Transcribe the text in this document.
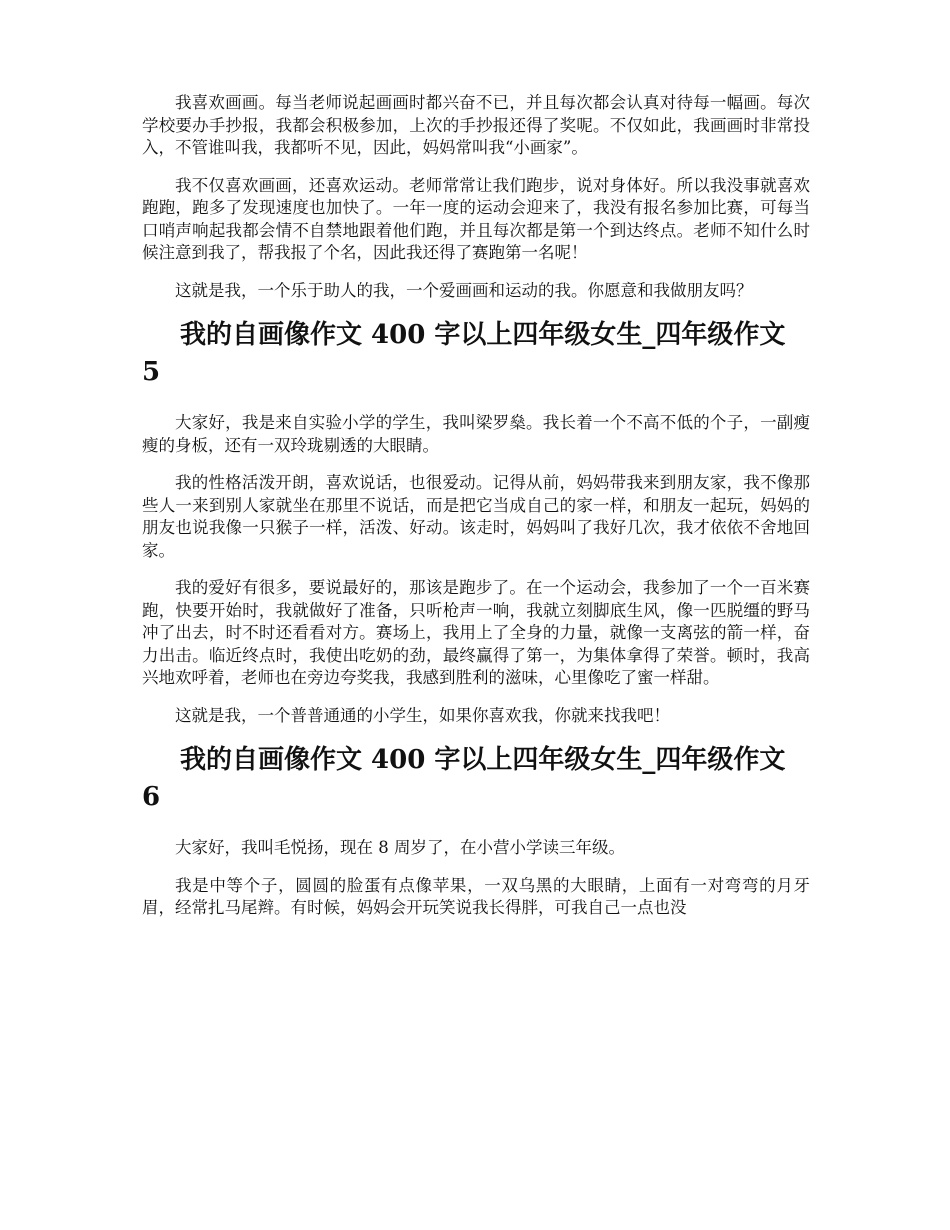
我喜欢画画。每当老师说起画画时都兴奋不已，并且每次都会认真对待每一幅画。每次学校要办手抄报，我都会积极参加，上次的手抄报还得了奖呢。不仅如此，我画画时非常投入，不管谁叫我，我都听不见，因此，妈妈常叫我“小画家”。

我不仅喜欢画画，还喜欢运动。老师常常让我们跑步，说对身体好。所以我没事就喜欢跑跑，跑多了发现速度也加快了。一年一度的运动会迎来了，我没有报名参加比赛，可每当口哨声响起我都会情不自禁地跟着他们跑，并且每次都是第一个到达终点。老师不知什么时候注意到我了，帮我报了个名，因此我还得了赛跑第一名呢！

这就是我，一个乐于助人的我，一个爱画画和运动的我。你愿意和我做朋友吗？

我的自画像作文 400 字以上四年级女生_四年级作文 5

大家好，我是来自实验小学的学生，我叫梁罗燊。我长着一个不高不低的个子，一副瘦瘦的身板，还有一双玲珑剔透的大眼睛。

我的性格活泼开朗，喜欢说话，也很爱动。记得从前，妈妈带我来到朋友家，我不像那些人一来到别人家就坐在那里不说话，而是把它当成自己的家一样，和朋友一起玩，妈妈的朋友也说我像一只猴子一样，活泼、好动。该走时，妈妈叫了我好几次，我才依依不舍地回家。

我的爱好有很多，要说最好的，那该是跑步了。在一个运动会，我参加了一个一百米赛跑，快要开始时，我就做好了准备，只听枪声一响，我就立刻脚底生风，像一匹脱缰的野马冲了出去，时不时还看看对方。赛场上，我用上了全身的力量，就像一支离弦的箭一样，奋力出击。临近终点时，我使出吃奶的劲，最终赢得了第一，为集体拿得了荣誉。顿时，我高兴地欢呼着，老师也在旁边夸奖我，我感到胜利的滋味，心里像吃了蜜一样甜。

这就是我，一个普普通通的小学生，如果你喜欢我，你就来找我吧！

我的自画像作文 400 字以上四年级女生_四年级作文 6

大家好，我叫毛悦扬，现在 8 周岁了，在小营小学读三年级。

我是中等个子，圆圆的脸蛋有点像苹果，一双乌黑的大眼睛，上面有一对弯弯的月牙眉，经常扎马尾辫。有时候，妈妈会开玩笑说我长得胖，可我自己一点也没
